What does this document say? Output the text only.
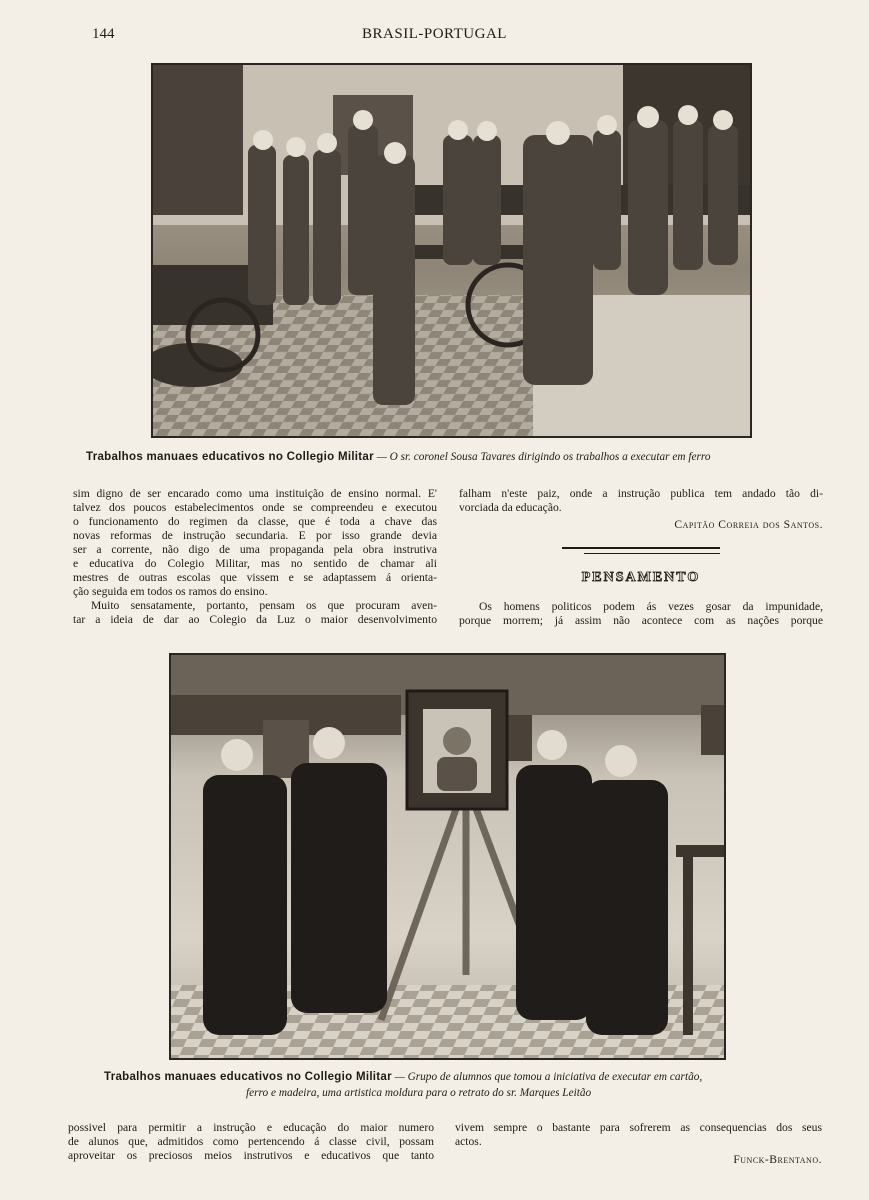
144	BRASIL-PORTUGAL
Trabalhos manuaes educativos no Collegio Militar — O sr. coronel Sousa Tavares dirigindo os trabalhos a executar em ferro
sim digno de ser encarado como uma instituição de ensino normal. E'
talvez dos poucos estabelecimentos onde se compreendeu e executou
o funcionamento do regimen da classe, que é toda a chave das
novas reformas de instrução secundaria. E por isso grande devia
ser a corrente, não digo de uma propaganda pela obra instrutiva
e educativa do Colegio Militar, mas no sentido de chamar ali
mestres de outras escolas que vissem e se adaptassem á orienta-
ção seguida em todos os ramos do ensino.
Muito sensatamente, portanto, pensam os que procuram aven-
tar a ideia de dar ao Colegio da Luz o maior desenvolvimento
falham n'este paiz, onde a instrução publica tem andado tão di-
vorciada da educação.
Capitão Correia dos Santos.
PENSAMENTO
Os homens politicos podem ás vezes gosar da impunidade,
porque morrem; já assim não acontece com as nações porque
Trabalhos manuaes educativos no Collegio Militar — Grupo de alumnos que tomou a iniciativa de executar em cartão,
ferro e madeira, uma artistica moldura para o retrato do sr. Marques Leitão
possivel para permitir a instrução e educação do maior numero
de alunos que, admitidos como pertencendo á classe civil, possam
aproveitar os preciosos meios instrutivos e educativos que tanto
vivem sempre o bastante para sofrerem as consequencias dos seus
actos.
Funck-Brentano.
